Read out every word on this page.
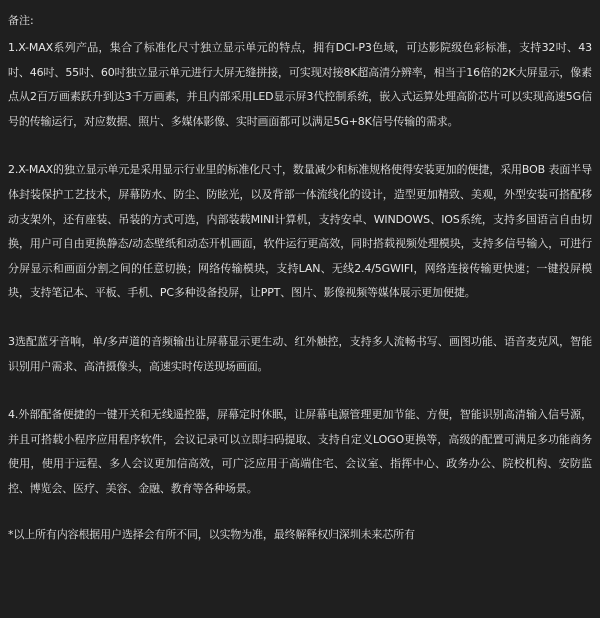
备注:

1.X-MAX系列产品，集合了标准化尺寸独立显示单元的特点，拥有DCI-P3色域，可达影院级色彩标准，支持32吋、43吋、46吋、55吋、60吋独立显示单元进行大屏无缝拼接，可实现对接8K超高清分辨率，相当于16倍的2K大屏显示，像素点从2百万画素跃升到达3千万画素，并且内部采用LED显示屏3代控制系统，嵌入式运算处理高阶芯片可以实现高速5G信号的传输运行，对应数据、照片、多媒体影像、实时画面都可以满足5G+8K信号传输的需求。

2.X-MAX的独立显示单元是采用显示行业里的标准化尺寸，数量减少和标准规格使得安装更加的便捷，采用BOB 表面半导体封装保护工艺技术，屏幕防水、防尘、防眩光，以及背部一体流线化的设计，造型更加精致、美观，外型安装可搭配移动支架外，还有座装、吊装的方式可选，内部装载MINI计算机，支持安卓、WINDOWS、IOS系统，支持多国语言自由切换，用户可自由更换静态/动态壁纸和动态开机画面，软件运行更高效，同时搭载视频处理模块，支持多信号输入，可进行分屏显示和画面分割之间的任意切换；网络传输模块，支持LAN、无线2.4/5GWIFI，网络连接传输更快速；一键投屏模块，支持笔记本、平板、手机、PC多种设备投屏，让PPT、图片、影像视频等媒体展示更加便捷。

3选配蓝牙音响，单/多声道的音频输出让屏幕显示更生动、红外触控，支持多人流畅书写、画图功能、语音麦克风，智能识别用户需求、高清摄像头，高速实时传送现场画面。

4.外部配备便捷的一键开关和无线遥控器，屏幕定时休眠，让屏幕电源管理更加节能、方便，智能识别高清输入信号源，并且可搭载小程序应用程序软件，会议记录可以立即扫码提取、支持自定义LOGO更换等，高级的配置可满足多功能商务使用，使用于远程、多人会议更加信高效，可广泛应用于高端住宅、会议室、指挥中心、政务办公、院校机构、安防监控、博览会、医疗、美容、金融、教育等各种场景。

*以上所有内容根据用户选择会有所不同，以实物为准，最终解释权归深圳未来芯所有
